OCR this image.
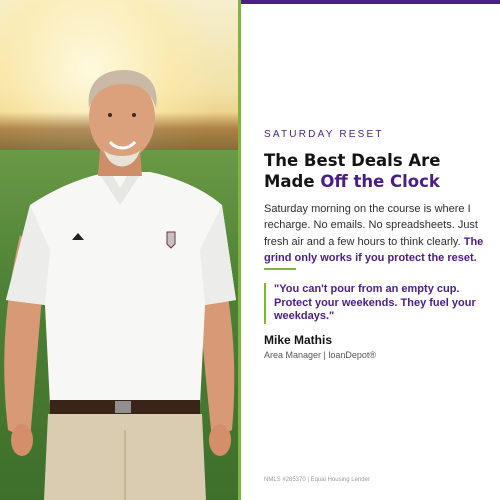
SATURDAY RESET
The Best Deals Are
Made Off the Clock
Saturday morning on the course is where I recharge. No emails. No spreadsheets. Just fresh air and a few hours to think clearly. The grind only works if you protect the reset.
"You can't pour from an empty cup. Protect your weekends. They fuel your weekdays."
Mike Mathis
Area Manager | loanDepot®
NMLS #285370 | Equal Housing Lender
